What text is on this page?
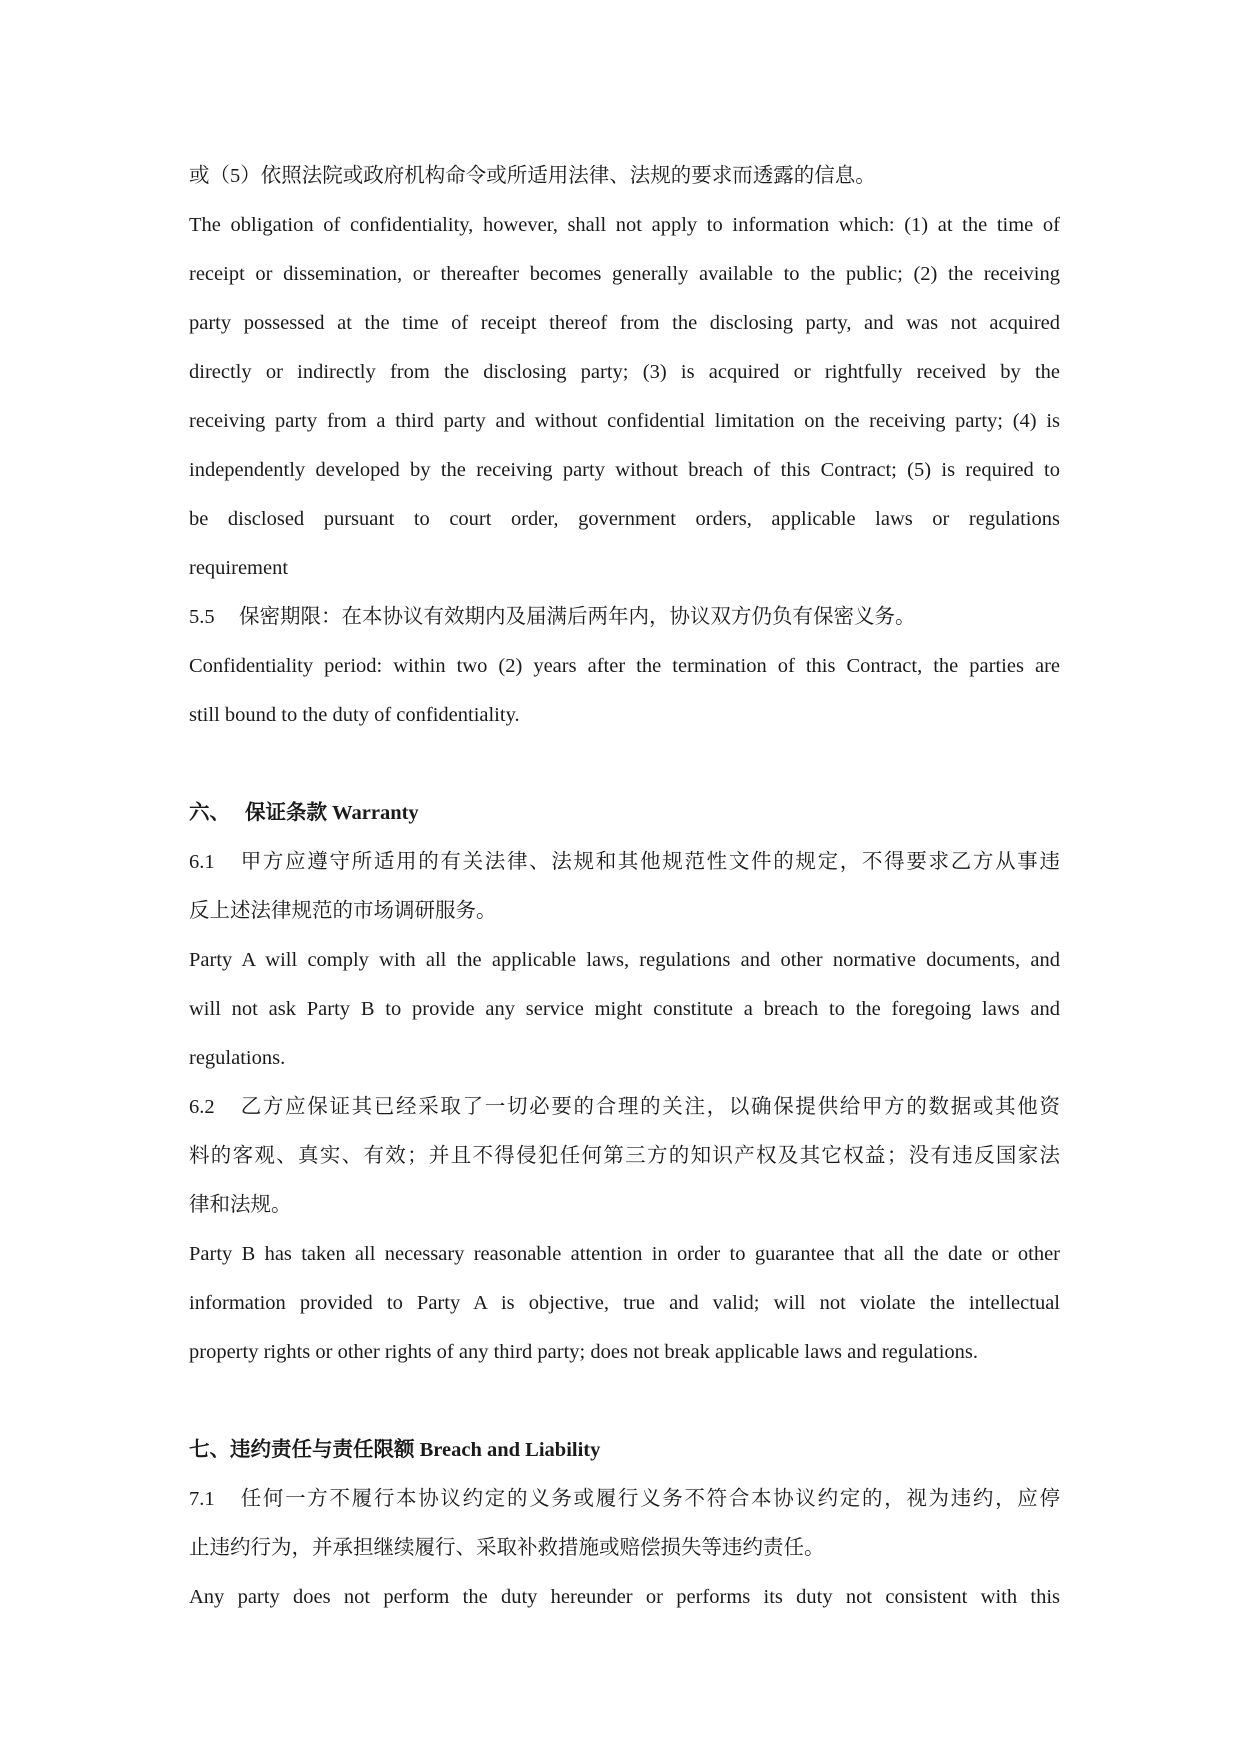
或（5）依照法院或政府机构命令或所适用法律、法规的要求而透露的信息。
The obligation of confidentiality, however, shall not apply to information which: (1) at the time of
receipt or dissemination, or thereafter becomes generally available to the public; (2) the receiving
party possessed at the time of receipt thereof from the disclosing party, and was not acquired
directly or indirectly from the disclosing party; (3) is acquired or rightfully received by the
receiving party from a third party and without confidential limitation on the receiving party; (4) is
independently developed by the receiving party without breach of this Contract; (5) is required to
be disclosed pursuant to court order, government orders, applicable laws or regulations
requirement
5.5 保密期限：在本协议有效期内及届满后两年内，协议双方仍负有保密义务。
Confidentiality period: within two (2) years after the termination of this Contract, the parties are
still bound to the duty of confidentiality.
六、 保证条款 Warranty
6.1 甲方应遵守所适用的有关法律、法规和其他规范性文件的规定，不得要求乙方从事违
反上述法律规范的市场调研服务。
Party A will comply with all the applicable laws, regulations and other normative documents, and
will not ask Party B to provide any service might constitute a breach to the foregoing laws and
regulations.
6.2 乙方应保证其已经采取了一切必要的合理的关注，以确保提供给甲方的数据或其他资
料的客观、真实、有效；并且不得侵犯任何第三方的知识产权及其它权益；没有违反国家法
律和法规。
Party B has taken all necessary reasonable attention in order to guarantee that all the date or other
information provided to Party A is objective, true and valid; will not violate the intellectual
property rights or other rights of any third party; does not break applicable laws and regulations.
七、违约责任与责任限额 Breach and Liability
7.1 任何一方不履行本协议约定的义务或履行义务不符合本协议约定的，视为违约，应停
止违约行为，并承担继续履行、采取补救措施或赔偿损失等违约责任。
Any party does not perform the duty hereunder or performs its duty not consistent with this
